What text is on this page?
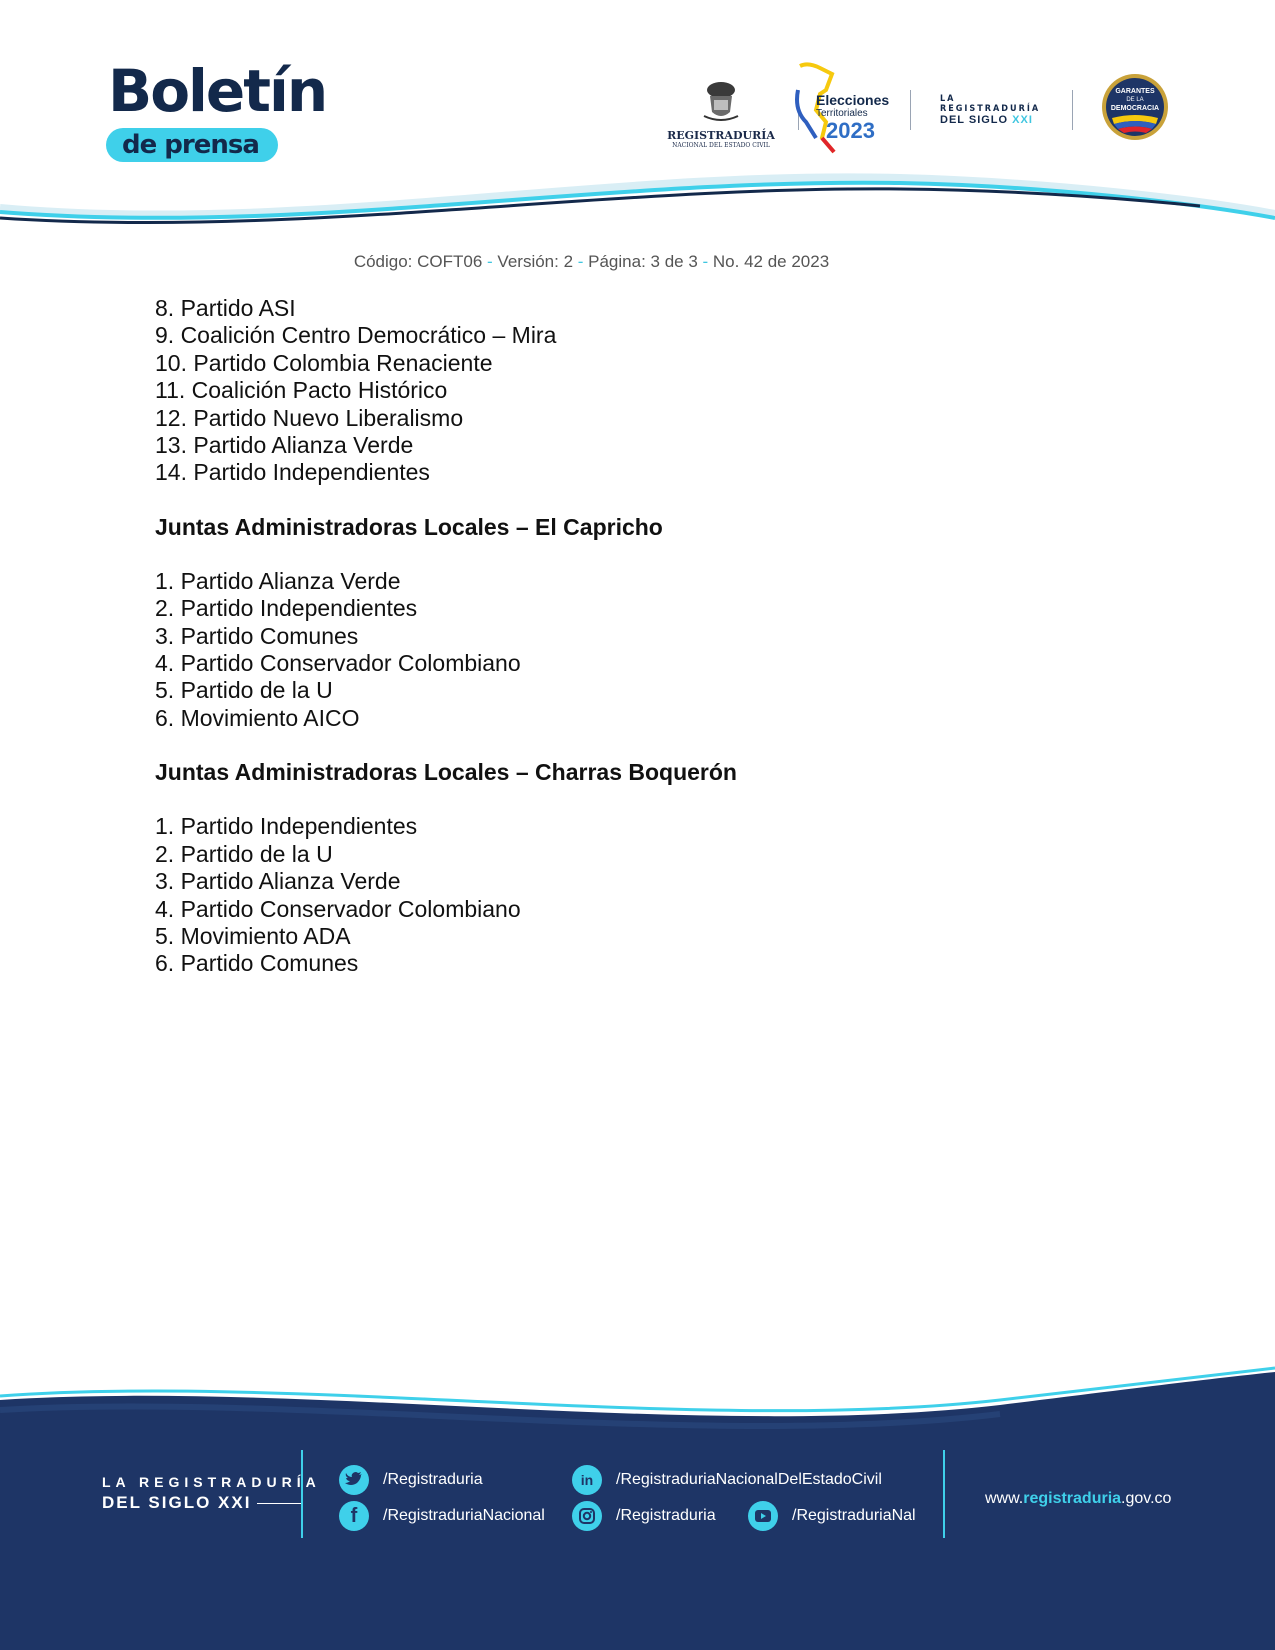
Boletín
de prensa	REGISTRADURÍA
NACIONAL DEL ESTADO CIVIL
Elecciones
Territoriales
2023
LA REGISTRADURÍA
DEL SIGLO XXI
GARANTES
DE LA
DEMOCRACIA
Código: COFT06 - Versión: 2 - Página: 3 de 3 - No. 42 de 2023
8. Partido ASI
9. Coalición Centro Democrático – Mira
10. Partido Colombia Renaciente
11. Coalición Pacto Histórico
12. Partido Nuevo Liberalismo
13. Partido Alianza Verde
14. Partido Independientes
Juntas Administradoras Locales – El Capricho
1. Partido Alianza Verde
2. Partido Independientes
3. Partido Comunes
4. Partido Conservador Colombiano
5. Partido de la U
6. Movimiento AICO
Juntas Administradoras Locales – Charras Boquerón
1. Partido Independientes
2. Partido de la U
3. Partido Alianza Verde
4. Partido Conservador Colombiano
5. Movimiento ADA
6. Partido Comunes
LA REGISTRADURÍA
DEL SIGLO XXI
/Registraduria
f	/RegistraduriaNacional
in	/RegistraduriaNacionalDelEstadoCivil
/Registraduria	/RegistraduriaNal
www.registraduria.gov.co
